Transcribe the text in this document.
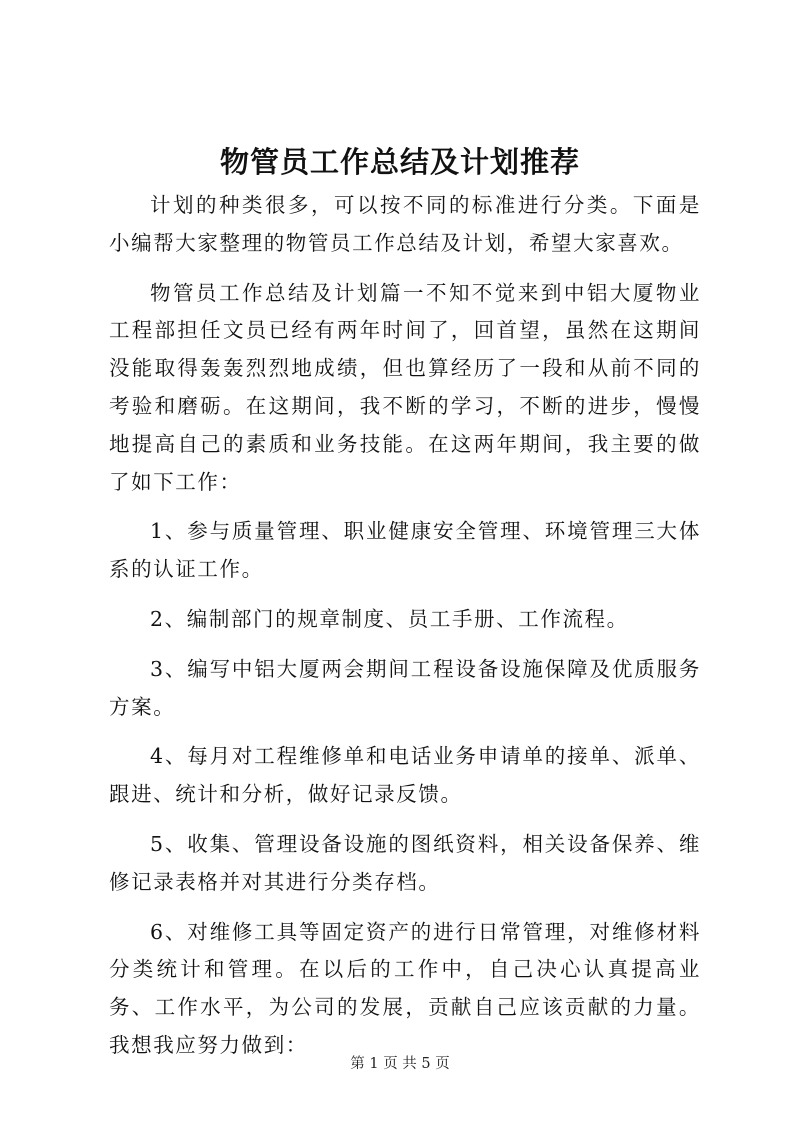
物管员工作总结及计划推荐

计划的种类很多，可以按不同的标准进行分类。下面是小编帮大家整理的物管员工作总结及计划，希望大家喜欢。

物管员工作总结及计划篇一不知不觉来到中铝大厦物业工程部担任文员已经有两年时间了，回首望，虽然在这期间没能取得轰轰烈烈地成绩，但也算经历了一段和从前不同的考验和磨砺。在这期间，我不断的学习，不断的进步，慢慢地提高自己的素质和业务技能。在这两年期间，我主要的做了如下工作：

1、参与质量管理、职业健康安全管理、环境管理三大体系的认证工作。

2、编制部门的规章制度、员工手册、工作流程。

3、编写中铝大厦两会期间工程设备设施保障及优质服务方案。

4、每月对工程维修单和电话业务申请单的接单、派单、跟进、统计和分析，做好记录反馈。

5、收集、管理设备设施的图纸资料，相关设备保养、维修记录表格并对其进行分类存档。

6、对维修工具等固定资产的进行日常管理，对维修材料分类统计和管理。在以后的工作中，自己决心认真提高业务、工作水平，为公司的发展，贡献自己应该贡献的力量。我想我应努力做到：

第 1 页 共 5 页
